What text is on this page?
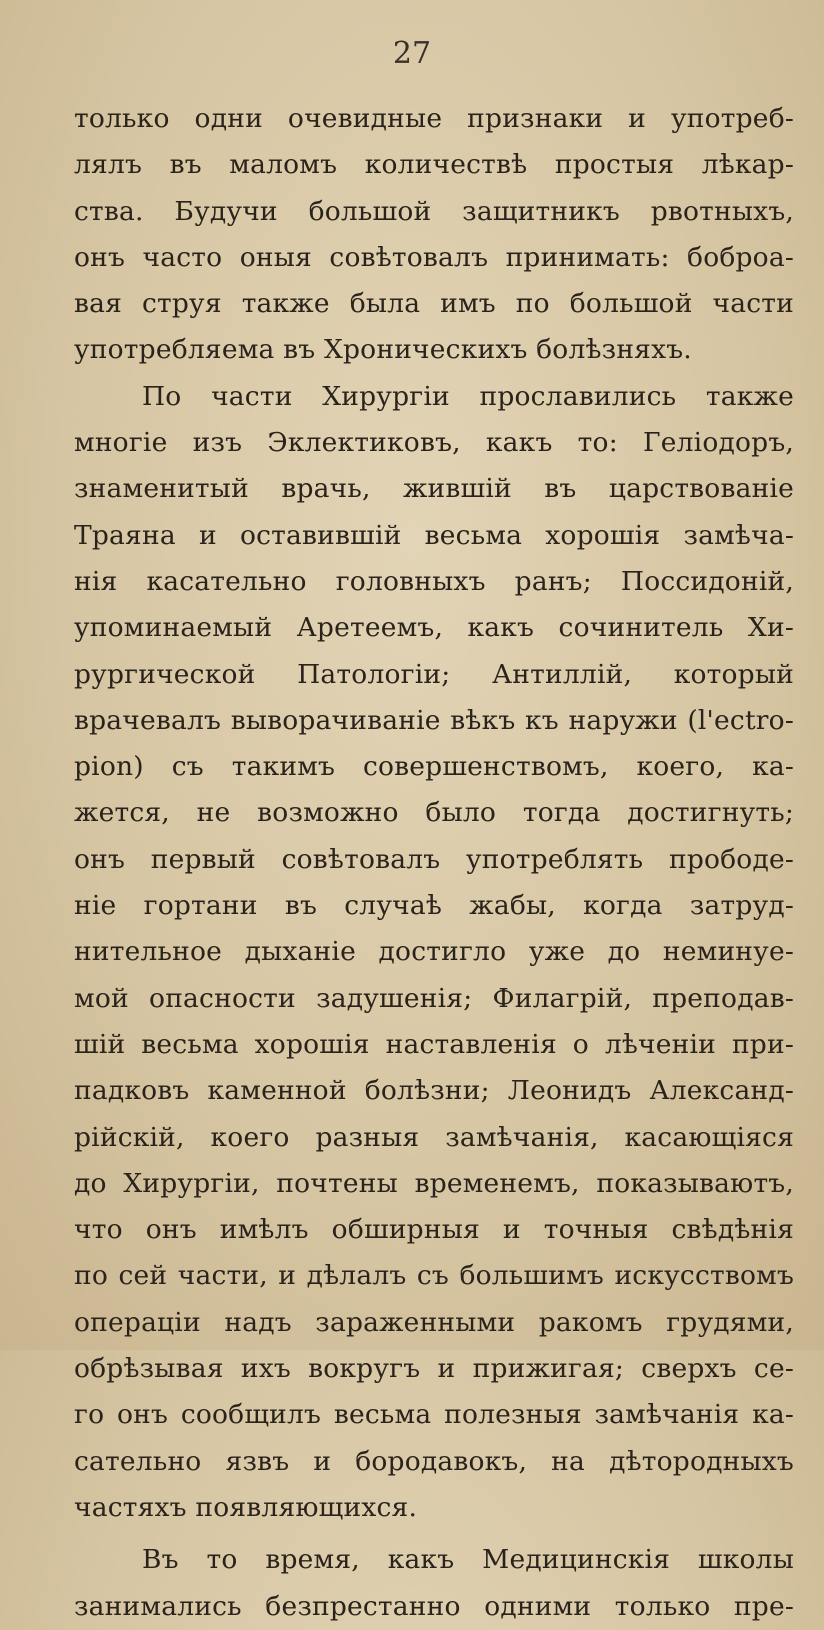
27
только одни очевидные признаки и употреб-
лялъ въ маломъ количествѣ простыя лѣкар-
ства. Будучи большой защитникъ рвотныхъ,
онъ часто оныя совѣтовалъ принимать: боброа-
вая струя также была имъ по большой части
употребляема въ Хроническихъ болѣзняхъ.
По части Хирургіи прославились также
многіе изъ Эклектиковъ, какъ то: Геліодоръ,
знаменитый врачь, жившій въ царствованіе
Траяна и оставившій весьма хорошія замѣча-
нія касательно головныхъ ранъ; Поссидоній,
упоминаемый Аретеемъ, какъ сочинитель Хи-
рургической Патологіи; Антиллій, который
врачевалъ выворачиваніе вѣкъ къ наружи (l'ectro-
pion) съ такимъ совершенствомъ, коего, ка-
жется, не возможно было тогда достигнуть;
онъ первый совѣтовалъ употреблять прободе-
ніе гортани въ случаѣ жабы, когда затруд-
нительное дыханіе достигло уже до неминуе-
мой опасности задушенія; Филагрій, преподав-
шій весьма хорошія наставленія о лѣченіи при-
падковъ каменной болѣзни; Леонидъ Александ-
рійскій, коего разныя замѣчанія, касающіяся
до Хирургіи, почтены временемъ, показываютъ,
что онъ имѣлъ обширныя и точныя свѣдѣнія
по сей части, и дѣлалъ съ большимъ искусствомъ
операціи надъ зараженными ракомъ грудями,
обрѣзывая ихъ вокругъ и прижигая; сверхъ се-
го онъ сообщилъ весьма полезныя замѣчанія ка-
сательно язвъ и бородавокъ, на дѣтородныхъ
частяхъ появляющихся.
Въ то время, какъ Медицинскія школы
занимались безпрестанно одними только пре-
